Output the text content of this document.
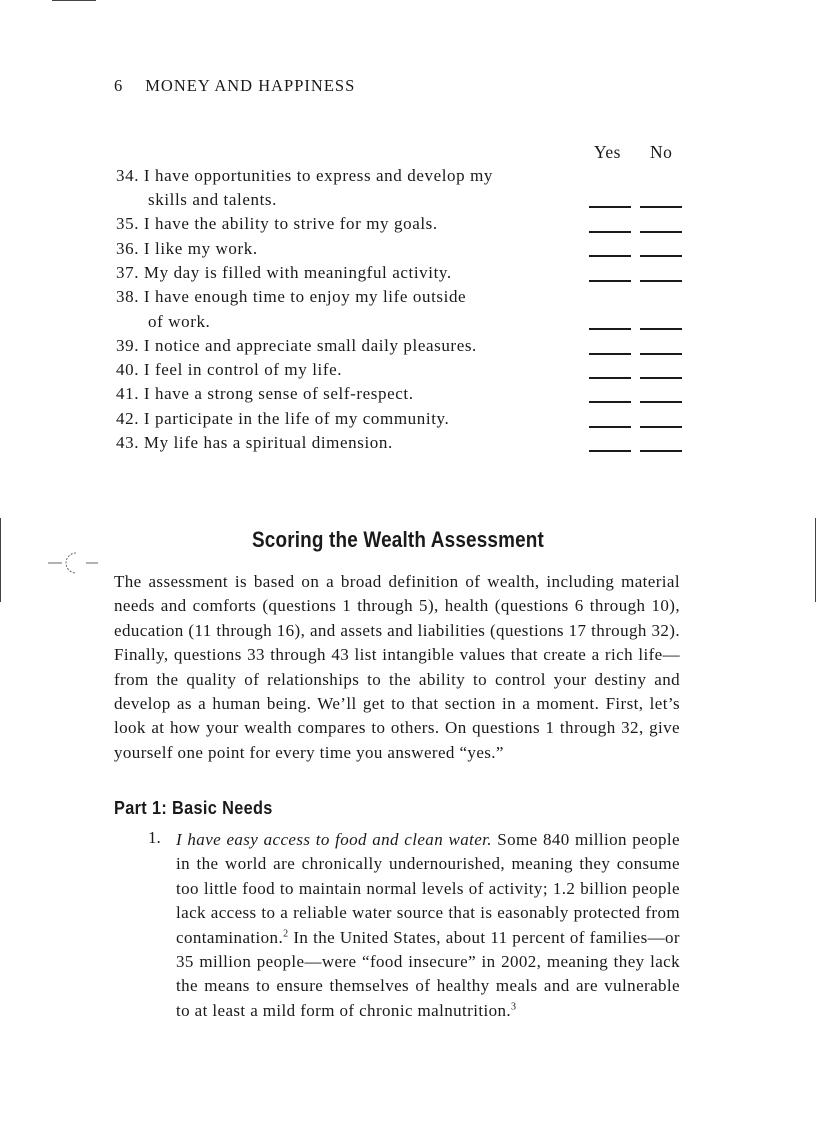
6 MONEY AND HAPPINESS
Yes No
34. I have opportunities to express and develop my
skills and talents.
35. I have the ability to strive for my goals.
36. I like my work.
37. My day is filled with meaningful activity.
38. I have enough time to enjoy my life outside
of work.
39. I notice and appreciate small daily pleasures.
40. I feel in control of my life.
41. I have a strong sense of self-respect.
42. I participate in the life of my community.
43. My life has a spiritual dimension.
Scoring the Wealth Assessment
The assessment is based on a broad definition of wealth, including material needs and comforts (questions 1 through 5), health (questions 6 through 10), education (11 through 16), and assets and liabilities (questions 17 through 32). Finally, questions 33 through 43 list intangible values that create a rich life—from the quality of relationships to the ability to control your destiny and develop as a human being. We’ll get to that section in a moment. First, let’s look at how your wealth compares to others. On questions 1 through 32, give yourself one point for every time you answered “yes.”
Part 1: Basic Needs
1. I have easy access to food and clean water. Some 840 million people in the world are chronically undernourished, meaning they consume too little food to maintain normal levels of activity; 1.2 billion people lack access to a reliable water source that is easonably protected from contamination.$^2$ In the United States, about 11 percent of families—or 35 million people—were “food insecure” in 2002, meaning they lack the means to ensure themselves of healthy meals and are vulnerable to at least a mild form of chronic malnutrition.$^3$
